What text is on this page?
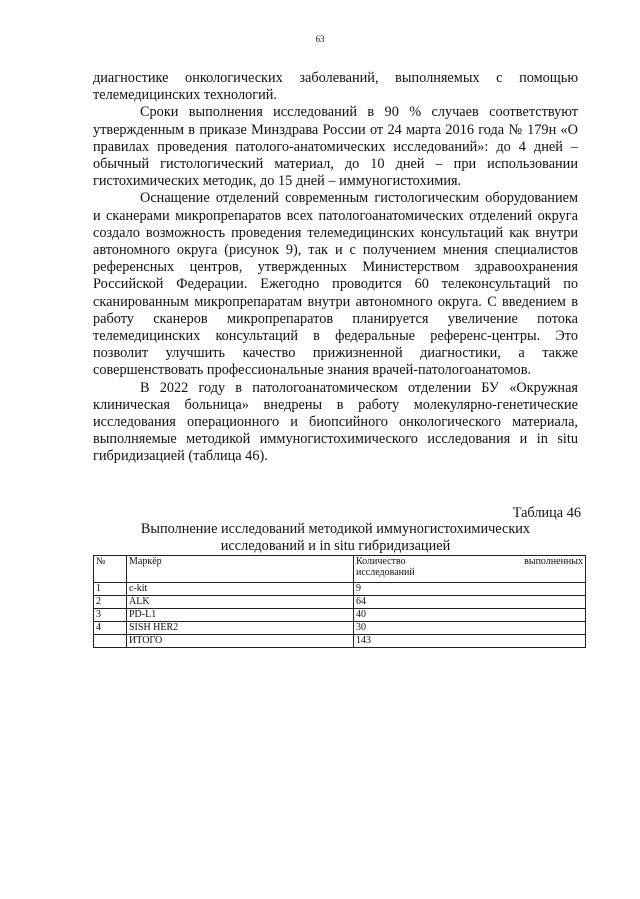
63

диагностике онкологических заболеваний, выполняемых с помощью телемедицинских технологий.

Сроки выполнения исследований в 90 % случаев соответствуют утвержденным в приказе Минздрава России от 24 марта 2016 года № 179н «О правилах проведения патолого-анатомических исследований»: до 4 дней – обычный гистологический материал, до 10 дней – при использовании гистохимических методик, до 15 дней – иммуногистохимия.

Оснащение отделений современным гистологическим оборудованием и сканерами микропрепаратов всех патологоанатомических отделений округа создало возможность проведения телемедицинских консультаций как внутри автономного округа (рисунок 9), так и с получением мнения специалистов референсных центров, утвержденных Министерством здравоохранения Российской Федерации. Ежегодно проводится 60 телеконсультаций по сканированным микропрепаратам внутри автономного округа. С введением в работу сканеров микропрепаратов планируется увеличение потока телемедицинских консультаций в федеральные референс-центры. Это позволит улучшить качество прижизненной диагностики, а также совершенствовать профессиональные знания врачей-патологоанатомов.

В 2022 году в патологоанатомическом отделении БУ «Окружная клиническая больница» внедрены в работу молекулярно-генетические исследования операционного и биопсийного онкологического материала, выполняемые методикой иммуногистохимического исследования и in situ гибридизацией (таблица 46).

Таблица 46
Выполнение исследований методикой иммуногистохимических
исследований и in situ гибридизацией
№	Маркёр	Количество выполненных
исследований

1	c-kit	9
2	ALK	64
3	PD-L1	40
4	SISH HER2	30
	ИТОГО	143
